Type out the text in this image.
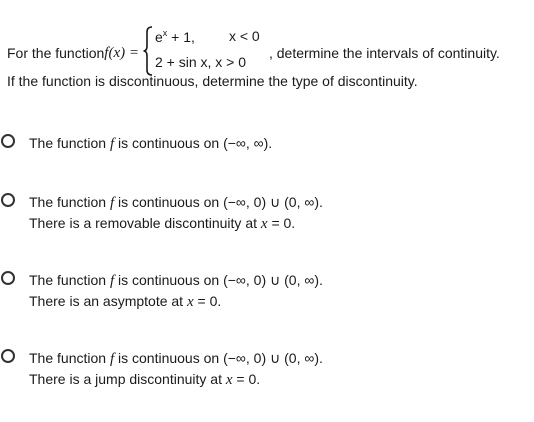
For the function f(x) =
$e^x + 1$, x < 0
2 + sin x, x > 0
, determine the intervals of continuity.
If the function is discontinuous, determine the type of discontinuity.
The function f is continuous on (−∞, ∞).
The function f is continuous on (−∞, 0) ∪ (0, ∞).
There is a removable discontinuity at x = 0.
The function f is continuous on (−∞, 0) ∪ (0, ∞).
There is an asymptote at x = 0.
The function f is continuous on (−∞, 0) ∪ (0, ∞).
There is a jump discontinuity at x = 0.
